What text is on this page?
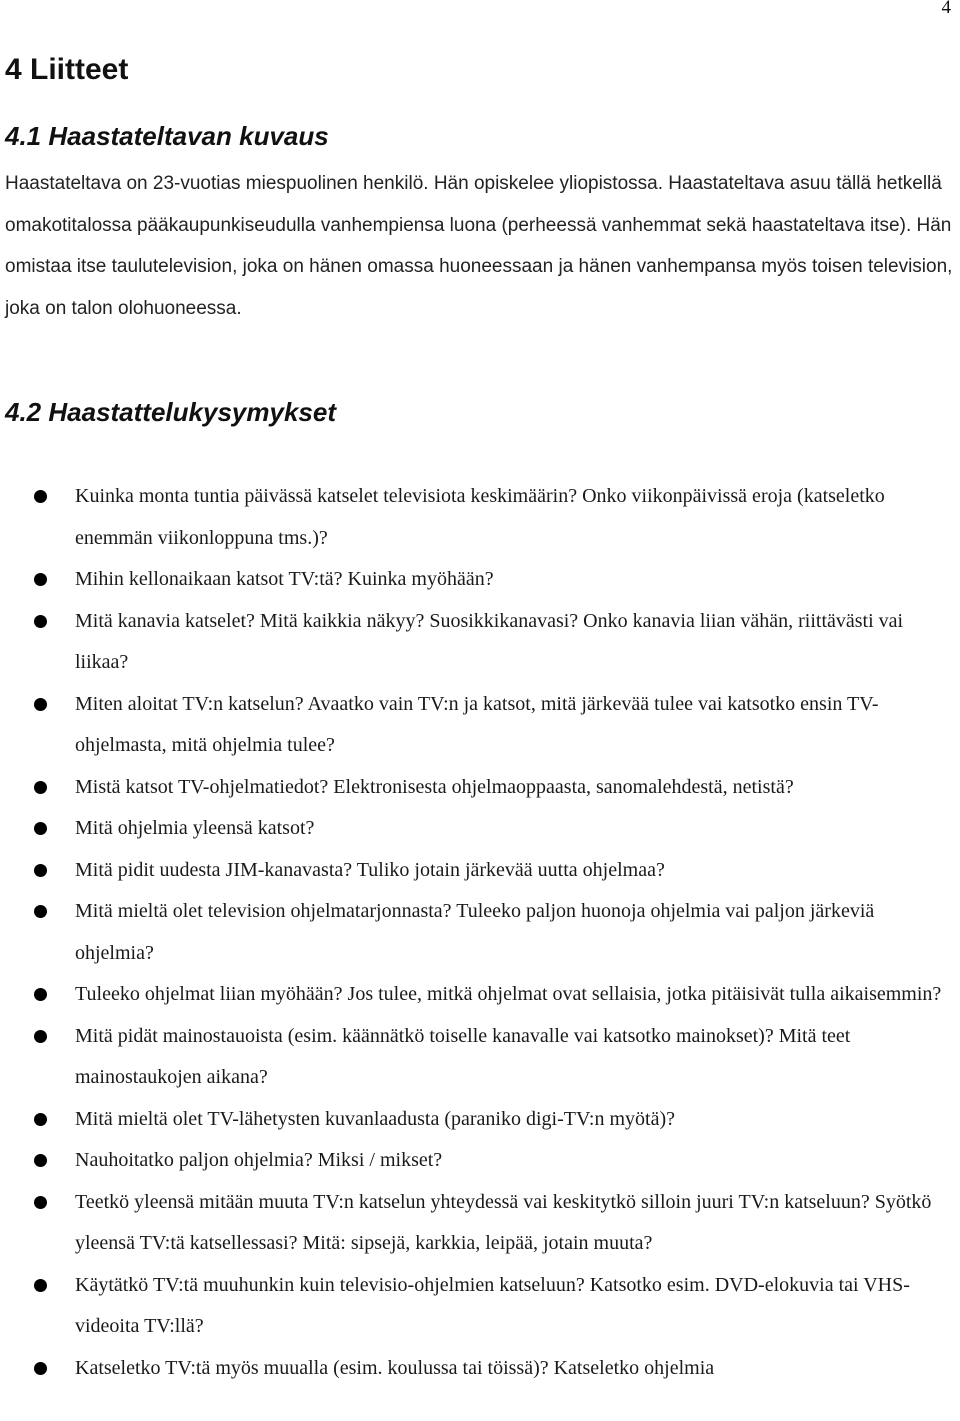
4
4 Liitteet
4.1 Haastateltavan kuvaus

Haastateltava on 23-vuotias miespuolinen henkilö. Hän opiskelee yliopistossa. Haastateltava asuu tällä hetkellä omakotitalossa pääkaupunkiseudulla vanhempiensa luona (perheessä vanhemmat sekä haastateltava itse). Hän omistaa itse taulutelevision, joka on hänen omassa huoneessaan ja hänen vanhempansa myös toisen television, joka on talon olohuoneessa.

4.2 Haastattelukysymykset
Kuinka monta tuntia päivässä katselet televisiota keskimäärin? Onko viikonpäivissä eroja (katseletko enemmän viikonloppuna tms.)?
Mihin kellonaikaan katsot TV:tä? Kuinka myöhään?
Mitä kanavia katselet? Mitä kaikkia näkyy? Suosikkikanavasi? Onko kanavia liian vähän, riittävästi vai liikaa?
Miten aloitat TV:n katselun? Avaatko vain TV:n ja katsot, mitä järkevää tulee vai katsotko ensin TV-ohjelmasta, mitä ohjelmia tulee?
Mistä katsot TV-ohjelmatiedot? Elektronisesta ohjelmaoppaasta, sanomalehdestä, netistä?
Mitä ohjelmia yleensä katsot?
Mitä pidit uudesta JIM-kanavasta? Tuliko jotain järkevää uutta ohjelmaa?
Mitä mieltä olet television ohjelmatarjonnasta? Tuleeko paljon huonoja ohjelmia vai paljon järkeviä ohjelmia?
Tuleeko ohjelmat liian myöhään? Jos tulee, mitkä ohjelmat ovat sellaisia, jotka pitäisivät tulla aikaisemmin?
Mitä pidät mainostauoista (esim. käännätkö toiselle kanavalle vai katsotko mainokset)? Mitä teet mainostaukojen aikana?
Mitä mieltä olet TV-lähetysten kuvanlaadusta (paraniko digi-TV:n myötä)?
Nauhoitatko paljon ohjelmia? Miksi / mikset?
Teetkö yleensä mitään muuta TV:n katselun yhteydessä vai keskitytkö silloin juuri TV:n katseluun? Syötkö yleensä TV:tä katsellessasi? Mitä: sipsejä, karkkia, leipää, jotain muuta?
Käytätkö TV:tä muuhunkin kuin televisio-ohjelmien katseluun? Katsotko esim. DVD-elokuvia tai VHS-videoita TV:llä?
Katseletko TV:tä myös muualla (esim. koulussa tai töissä)? Katseletko ohjelmia
